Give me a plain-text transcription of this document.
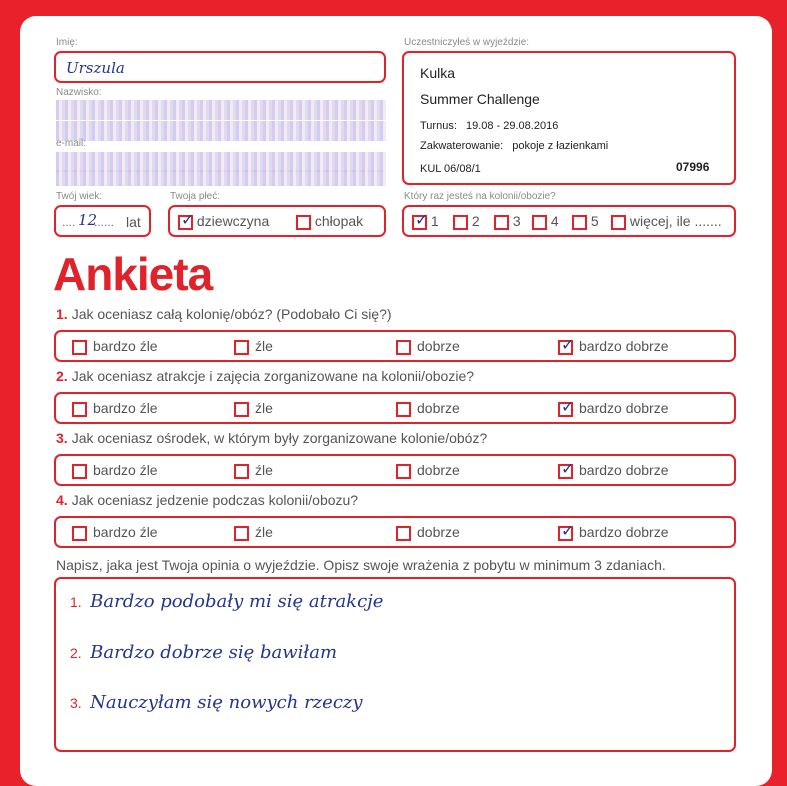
Imię:
Urszula
Nazwisko:
e-mail:
Twój wiek:
.... 12
...... lat
Twoja płeć:
✓ dziewczyna	chłopak
Uczestniczyłeś w wyjeździe:
Kulka
Summer Challenge
Turnus: 19.08 - 29.08.2016
Zakwaterowanie: pokoje z łazienkami
KUL 06/08/1	07996
Który raz jesteś na kolonii/obozie?
✓ 1	2	3	4	5	więcej, ile .......
Ankieta
1. Jak oceniasz całą kolonię/obóz? (Podobało Ci się?)
bardzo źle	źle	dobrze	✓ bardzo dobrze
2. Jak oceniasz atrakcje i zajęcia zorganizowane na kolonii/obozie?
bardzo źle	źle	dobrze	✓ bardzo dobrze
3. Jak oceniasz ośrodek, w którym były zorganizowane kolonie/obóz?
bardzo źle	źle	dobrze	✓ bardzo dobrze
4. Jak oceniasz jedzenie podczas kolonii/obozu?
bardzo źle	źle	dobrze	✓ bardzo dobrze
Napisz, jaka jest Twoja opinia o wyjeździe. Opisz swoje wrażenia z pobytu w minimum 3 zdaniach.
1. Bardzo podobały mi się atrakcje
2. Bardzo dobrze się bawiłam
3. Nauczyłam się nowych rzeczy
